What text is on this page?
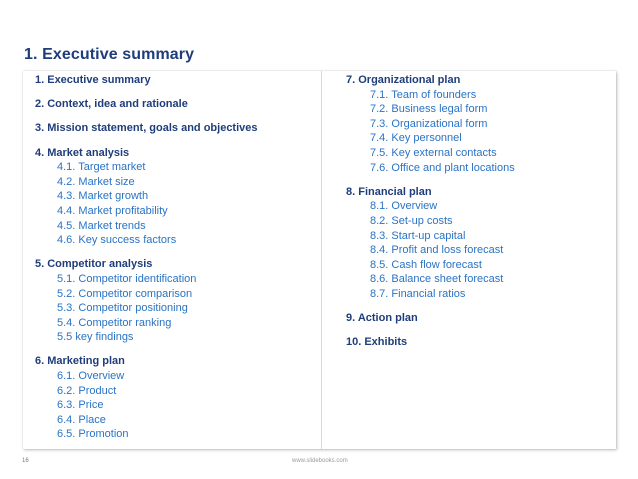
1. Executive summary
1. Executive summary
2. Context, idea and rationale
3. Mission statement, goals and objectives
4. Market analysis
4.1. Target market
4.2. Market size
4.3. Market growth
4.4. Market profitability
4.5. Market trends
4.6. Key success factors
5. Competitor analysis
5.1. Competitor identification
5.2. Competitor comparison
5.3. Competitor positioning
5.4. Competitor ranking
5.5 key findings
6. Marketing plan
6.1. Overview
6.2. Product
6.3. Price
6.4. Place
6.5. Promotion
7. Organizational plan
7.1. Team of founders
7.2. Business legal form
7.3. Organizational form
7.4. Key personnel
7.5. Key external contacts
7.6. Office and plant locations
8. Financial plan
8.1. Overview
8.2. Set-up costs
8.3. Start-up capital
8.4. Profit and loss forecast
8.5. Cash flow forecast
8.6. Balance sheet forecast
8.7. Financial ratios
9. Action plan
10. Exhibits
16	www.slidebooks.com
